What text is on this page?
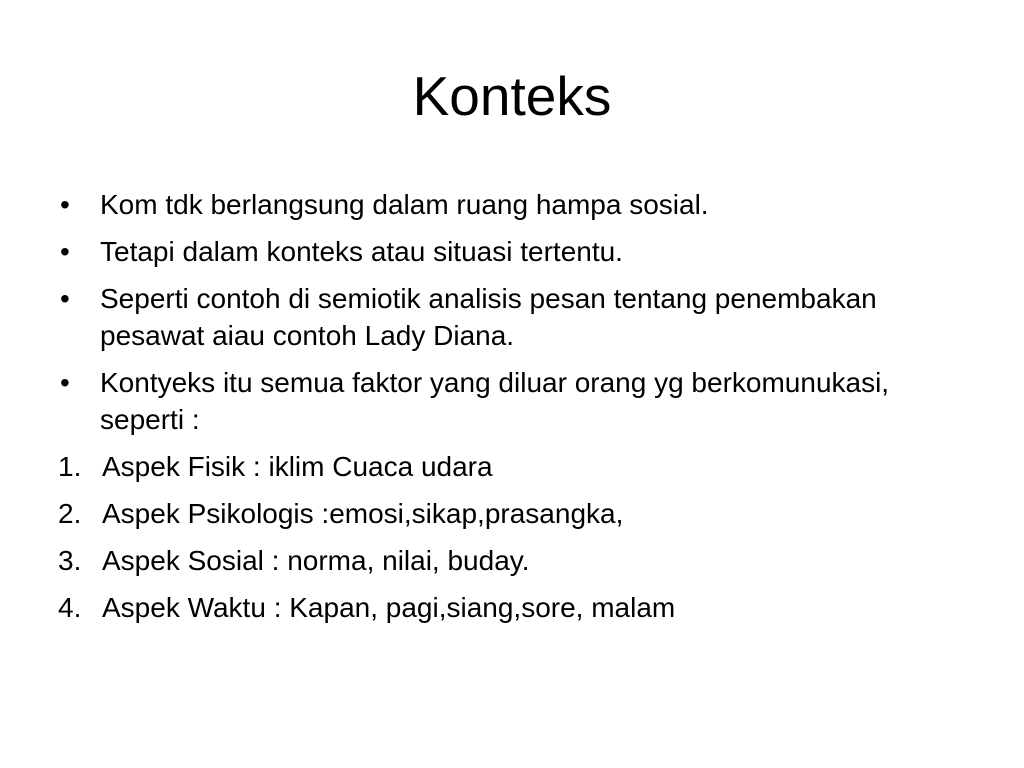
Konteks
•	Kom tdk berlangsung dalam ruang hampa sosial.
•	Tetapi dalam konteks atau situasi tertentu.
•	Seperti contoh di semiotik analisis pesan tentang penembakan pesawat aiau contoh Lady Diana.
•	Kontyeks itu semua faktor yang diluar orang yg berkomunukasi, seperti :
1. Aspek Fisik : iklim Cuaca udara
2. Aspek Psikologis :emosi,sikap,prasangka,
3. Aspek Sosial : norma, nilai, buday.
4. Aspek Waktu : Kapan, pagi,siang,sore, malam
